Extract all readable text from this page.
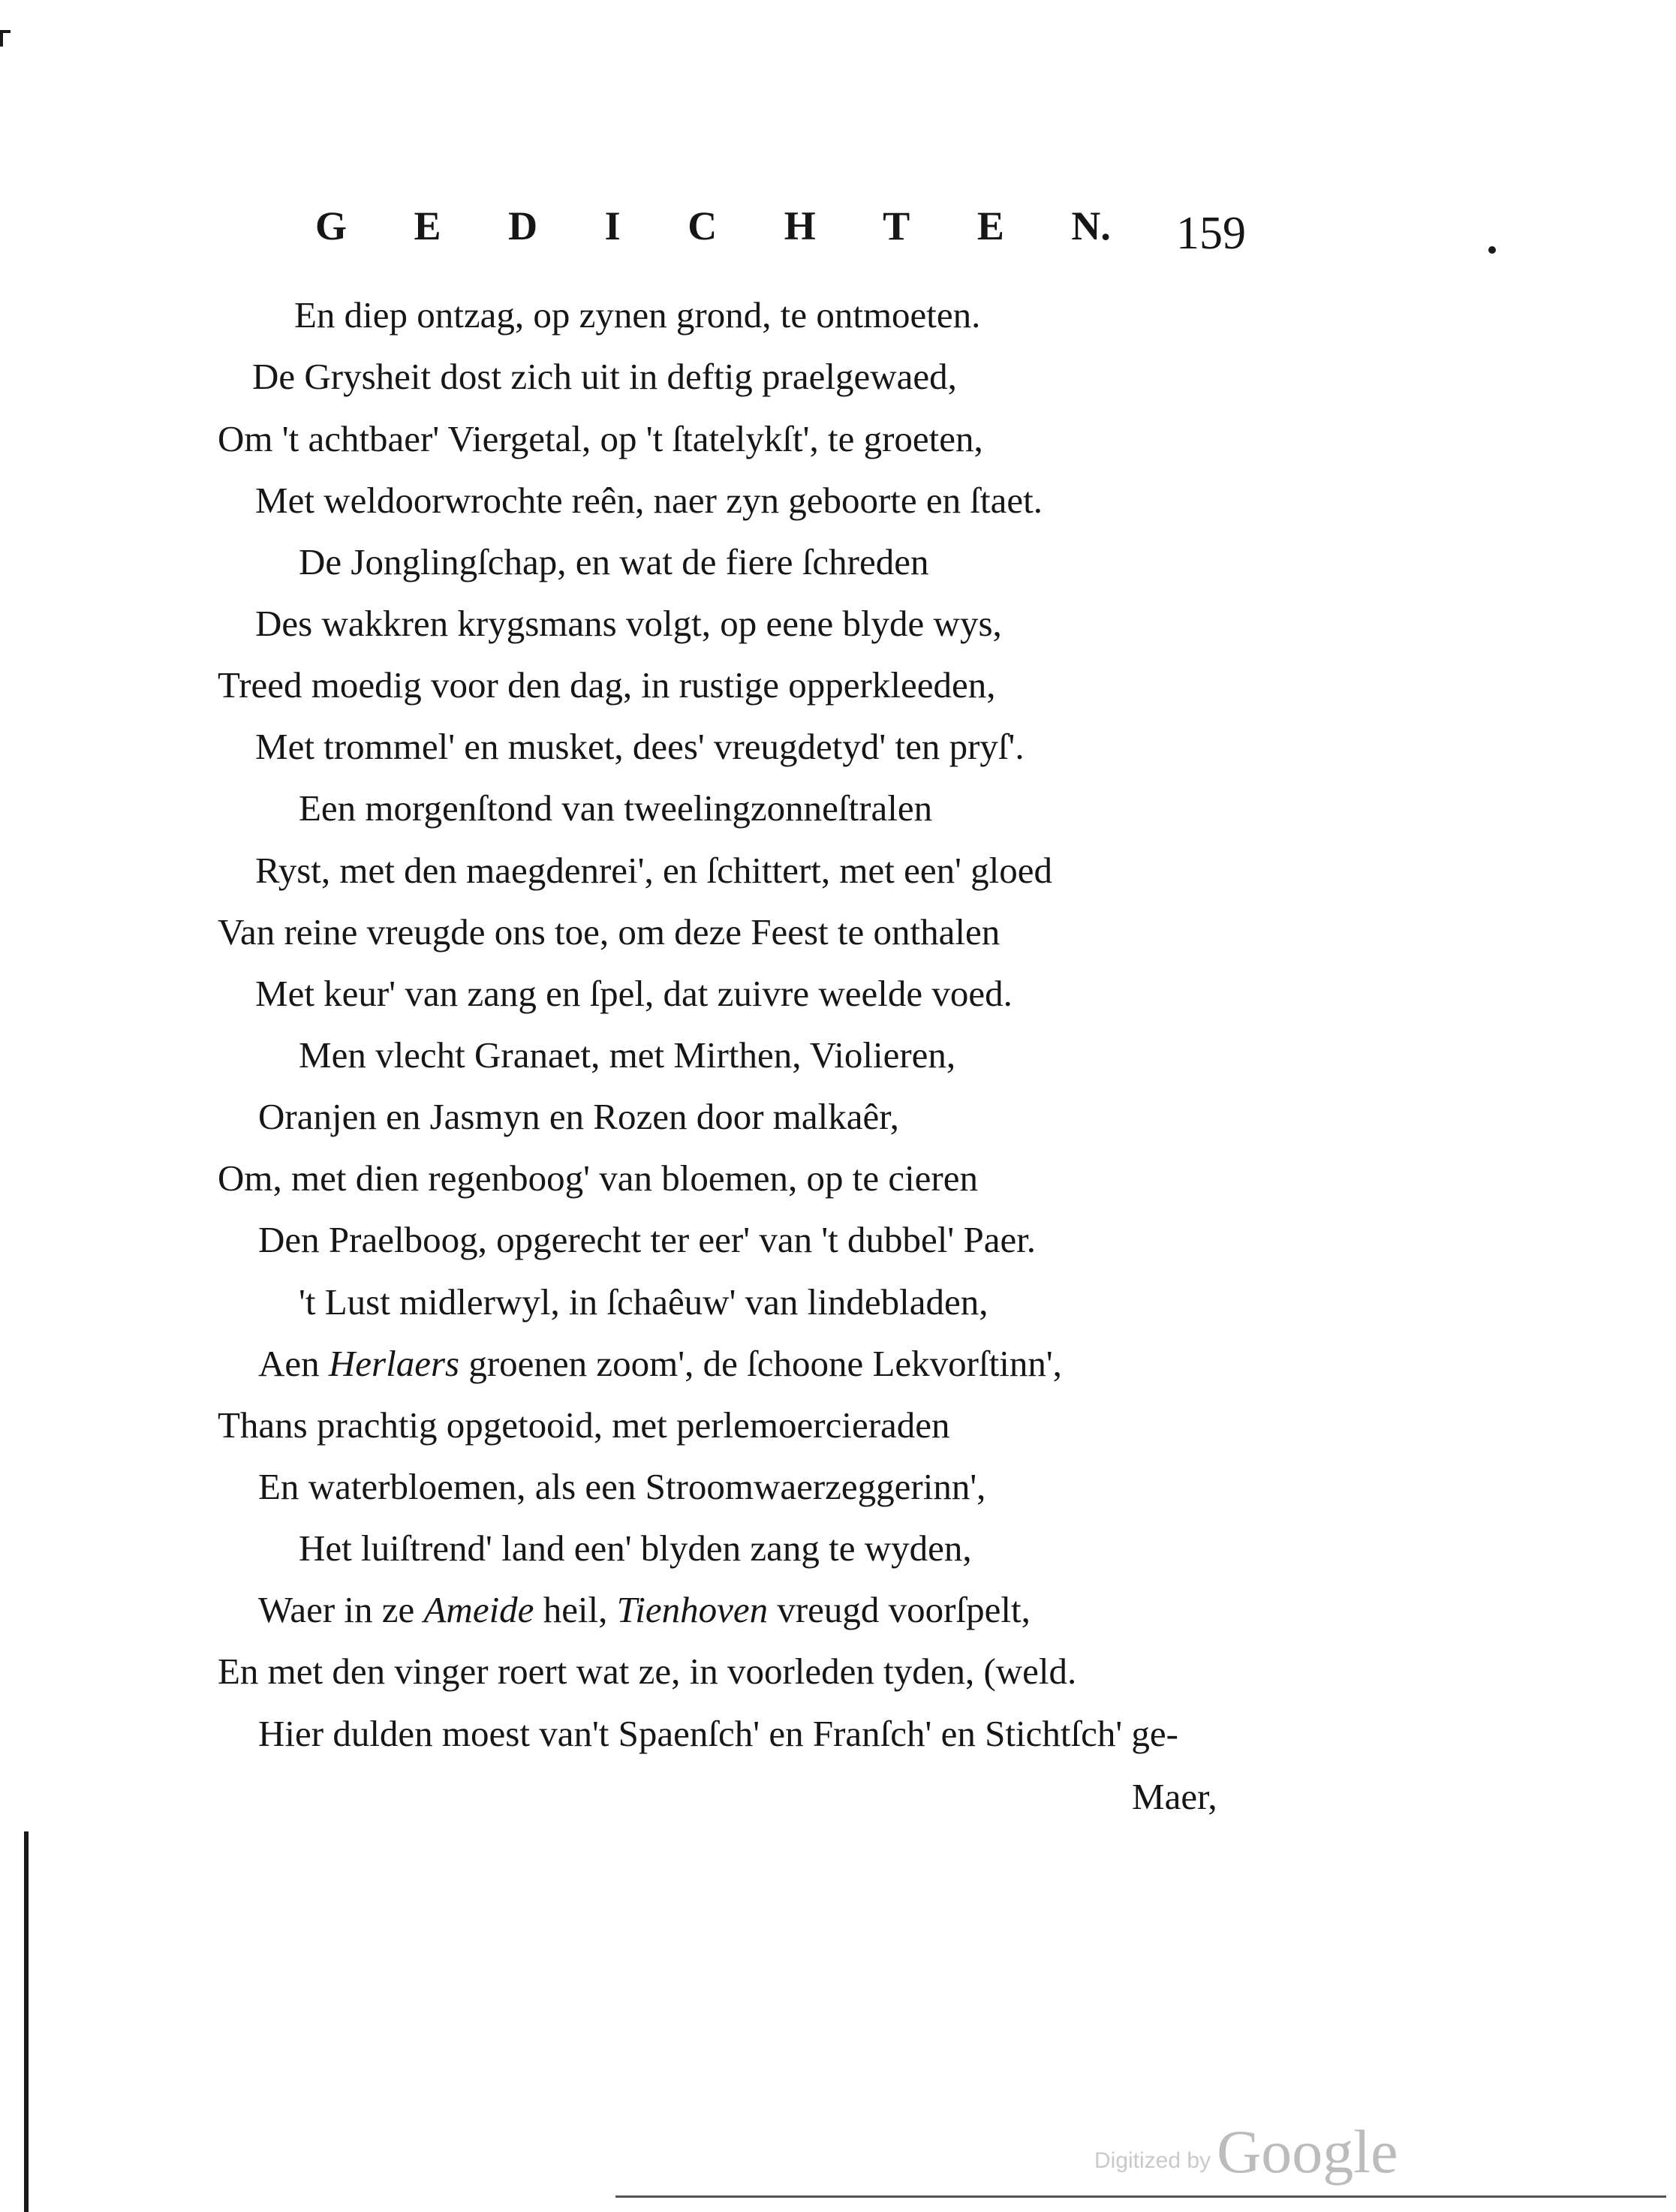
G E D I C H T E N. 159
En diep ontzag, op zynen grond, te ontmoeten.
De Grysheit dost zich uit in deftig praelgewaed,
Om 't achtbaer' Viergetal, op 't ſtatelykſt', te groeten,
Met weldoorwrochte reên, naer zyn geboorte en ſtaet.
De Jonglingſchap, en wat de fiere ſchreden
Des wakkren krygsmans volgt, op eene blyde wys,
Treed moedig voor den dag, in rustige opperkleeden,
Met trommel' en musket, dees' vreugdetyd' ten pryſ'.
Een morgenſtond van tweelingzonneſtralen
Ryst, met den maegdenrei', en ſchittert, met een' gloed
Van reine vreugde ons toe, om deze Feest te onthalen
Met keur' van zang en ſpel, dat zuivre weelde voed.
Men vlecht Granaet, met Mirthen, Violieren,
Oranjen en Jasmyn en Rozen door malkaêr,
Om, met dien regenboog' van bloemen, op te cieren
Den Praelboog, opgerecht ter eer' van 't dubbel' Paer.
't Lust midlerwyl, in ſchaêuw' van lindebladen,
Aen Herlaers groenen zoom', de ſchoone Lekvorſtinn',
Thans prachtig opgetooid, met perlemoercieraden
En waterbloemen, als een Stroomwaerzeggerinn',
Het luiſtrend' land een' blyden zang te wyden,
Waer in ze Ameide heil, Tienhoven vreugd voorſpelt,
En met den vinger roert wat ze, in voorleden tyden, (weld.
Hier dulden moest van't Spaenſch' en Franſch' en Stichtſch' ge-
Maer,
Digitized byGoogle
